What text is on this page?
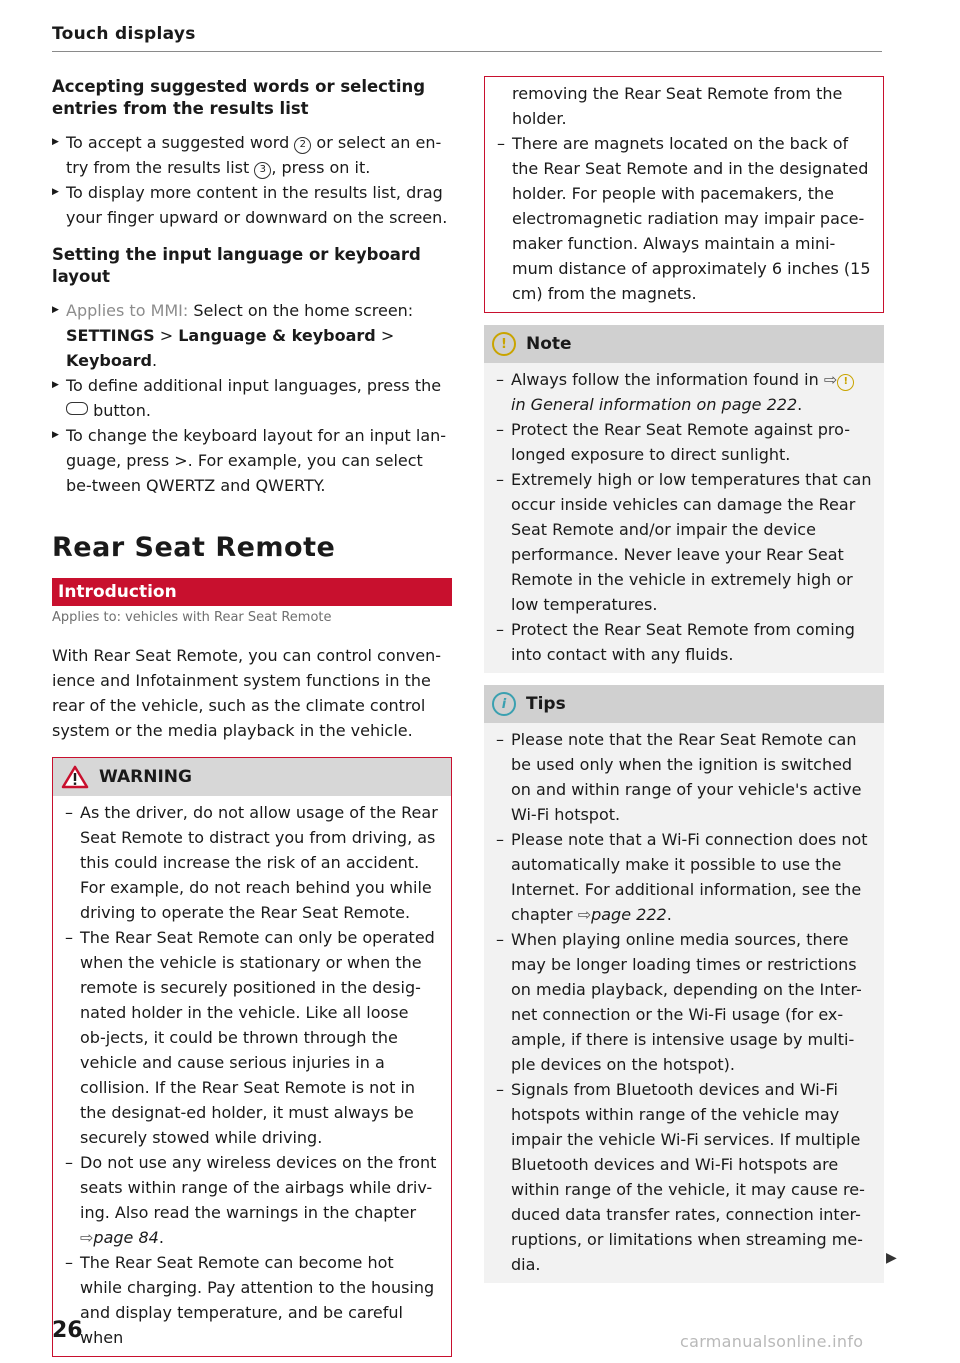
Touch displays
Accepting suggested words or selecting entries from the results list
▶ To accept a suggested word 2 or select an en-try from the results list 3 , press on it.
▶ To display more content in the results list, drag your finger upward or downward on the screen.
Setting the input language or keyboard layout
▶ Applies to MMI: Select on the home screen: SETTINGS > Language & keyboard > Keyboard.
▶ To define additional input languages, press the  button.
▶ To change the keyboard layout for an input lan-guage, press >. For example, you can select be-tween QWERTZ and QWERTY.
Rear Seat Remote
Introduction
Applies to: vehicles with Rear Seat Remote

With Rear Seat Remote, you can control conven-ience and Infotainment system functions in the rear of the vehicle, such as the climate control system or the media playback in the vehicle.

WARNING
– As the driver, do not allow usage of the Rear Seat Remote to distract you from driving, as this could increase the risk of an accident. For example, do not reach behind you while driving to operate the Rear Seat Remote.
– The Rear Seat Remote can only be operated when the vehicle is stationary or when the remote is securely positioned in the desig-nated holder in the vehicle. Like all loose ob-jects, it could be thrown through the vehicle and cause serious injuries in a collision. If the Rear Seat Remote is not in the designat-ed holder, it must always be securely stowed while driving.
– Do not use any wireless devices on the front seats within range of the airbags while driv-ing. Also read the warnings in the chapter ⇨page 84.
– The Rear Seat Remote can become hot while charging. Pay attention to the housing and display temperature, and be careful when
removing the Rear Seat Remote from the holder.
– There are magnets located on the back of the Rear Seat Remote and in the designated holder. For people with pacemakers, the electromagnetic radiation may impair pace-maker function. Always maintain a mini-mum distance of approximately 6 inches (15 cm) from the magnets.
!	Note
– Always follow the information found in ⇨ ! in General information on page 222.
– Protect the Rear Seat Remote against pro-longed exposure to direct sunlight.
– Extremely high or low temperatures that can occur inside vehicles can damage the Rear Seat Remote and/or impair the device performance. Never leave your Rear Seat Remote in the vehicle in extremely high or low temperatures.
– Protect the Rear Seat Remote from coming into contact with any fluids.
i	Tips
– Please note that the Rear Seat Remote can be used only when the ignition is switched on and within range of your vehicle's active Wi-Fi hotspot.
– Please note that a Wi-Fi connection does not automatically make it possible to use the Internet. For additional information, see the chapter ⇨page 222.
– When playing online media sources, there may be longer loading times or restrictions on media playback, depending on the Inter-net connection or the Wi-Fi usage (for ex-ample, if there is intensive usage by multi-ple devices on the hotspot).
– Signals from Bluetooth devices and Wi-Fi hotspots within range of the vehicle may impair the vehicle Wi-Fi services. If multiple Bluetooth devices and Wi-Fi hotspots are within range of the vehicle, it may cause re-duced data transfer rates, connection inter-ruptions, or limitations when streaming me-dia.	▶
26	carmanualsonline.info
